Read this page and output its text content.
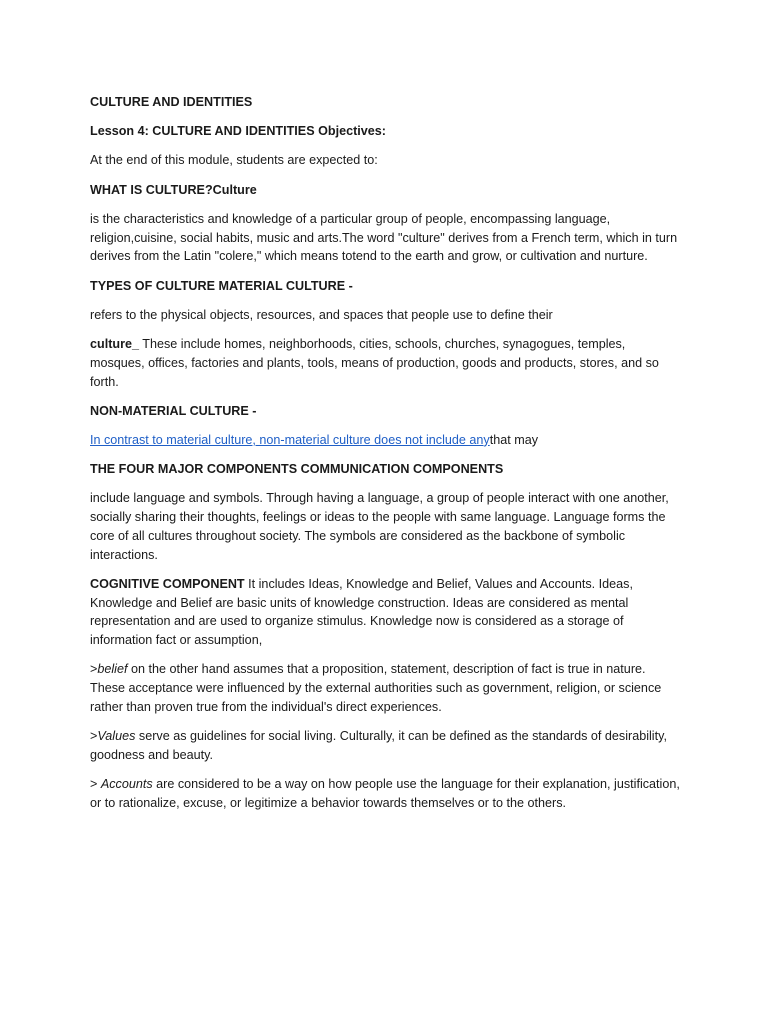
CULTURE AND IDENTITIES

Lesson 4: CULTURE AND IDENTITIES Objectives:

At the end of this module, students are expected to:

WHAT IS CULTURE?Culture

is the characteristics and knowledge of a particular group of people, encompassing language, religion,cuisine, social habits, music and arts.The word "culture" derives from a French term, which in turn derives from the Latin "colere," which means totend to the earth and grow, or cultivation and nurture.

TYPES OF CULTURE MATERIAL CULTURE -

refers to the physical objects, resources, and spaces that people use to define their

culture_ These include homes, neighborhoods, cities, schools, churches, synagogues, temples, mosques, offices, factories and plants, tools, means of production, goods and products, stores, and so forth.

NON-MATERIAL CULTURE -

In contrast to material culture, non-material culture does not include anythat may

THE FOUR MAJOR COMPONENTS COMMUNICATION COMPONENTS

include language and symbols. Through having a language, a group of people interact with one another, socially sharing their thoughts, feelings or ideas to the people with same language. Language forms the core of all cultures throughout society. The symbols are considered as the backbone of symbolic interactions.

COGNITIVE COMPONENT It includes Ideas, Knowledge and Belief, Values and Accounts. Ideas, Knowledge and Belief are basic units of knowledge construction. Ideas are considered as mental representation and are used to organize stimulus. Knowledge now is considered as a storage of information fact or assumption,

>belief on the other hand assumes that a proposition, statement, description of fact is true in nature. These acceptance were influenced by the external authorities such as government, religion, or science rather than proven true from the individual's direct experiences.

>Values serve as guidelines for social living. Culturally, it can be defined as the standards of desirability, goodness and beauty.

> Accounts are considered to be a way on how people use the language for their explanation, justification, or to rationalize, excuse, or legitimize a behavior towards themselves or to the others.
